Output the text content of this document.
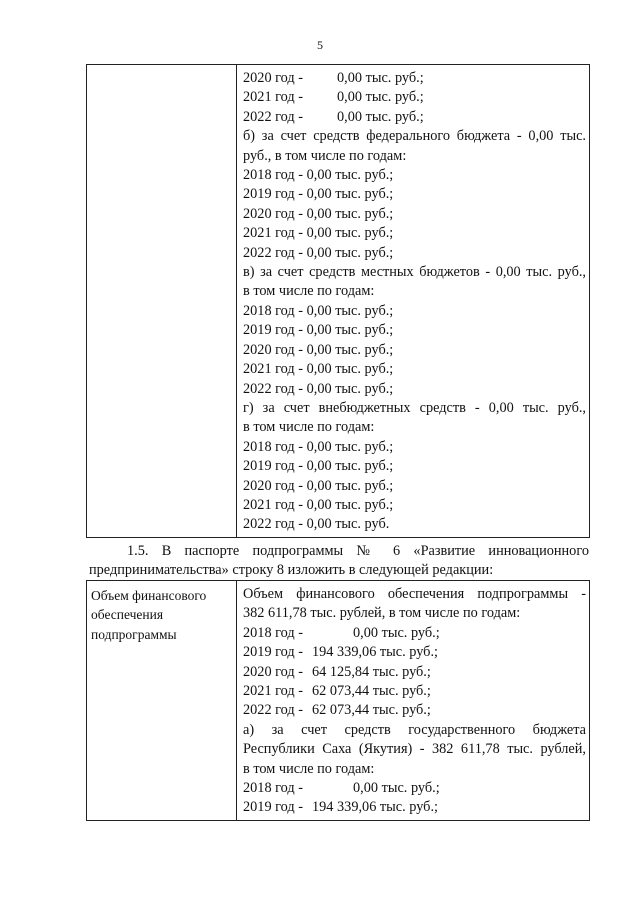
5

2020 год - 0,00 тыс. руб.;
2021 год - 0,00 тыс. руб.;
2022 год - 0,00 тыс. руб.;
б) за счет средств федерального бюджета - 0,00 тыс.
руб., в том числе по годам:
2018 год - 0,00 тыс. руб.;
2019 год - 0,00 тыс. руб.;
2020 год - 0,00 тыс. руб.;
2021 год - 0,00 тыс. руб.;
2022 год - 0,00 тыс. руб.;
в) за счет средств местных бюджетов - 0,00 тыс. руб.,
в том числе по годам:
2018 год - 0,00 тыс. руб.;
2019 год - 0,00 тыс. руб.;
2020 год - 0,00 тыс. руб.;
2021 год - 0,00 тыс. руб.;
2022 год - 0,00 тыс. руб.;
г) за счет внебюджетных средств - 0,00 тыс. руб.,
в том числе по годам:
2018 год - 0,00 тыс. руб.;
2019 год - 0,00 тыс. руб.;
2020 год - 0,00 тыс. руб.;
2021 год - 0,00 тыс. руб.;
2022 год - 0,00 тыс. руб.
1.5. В паспорте подпрограммы № 6 «Развитие инновационного
предпринимательства» строку 8 изложить в следующей редакции:
Объем финансового обеспечения подпрограммы	
Объем финансового обеспечения подпрограммы -
382 611,78 тыс. рублей, в том числе по годам:
2018 год -	0,00 тыс. руб.;
2019 год - 194 339,06 тыс. руб.;
2020 год - 64 125,84 тыс. руб.;
2021 год - 62 073,44 тыс. руб.;
2022 год - 62 073,44 тыс. руб.;
а) за счет средств государственного бюджета
Республики Саха (Якутия) - 382 611,78 тыс. рублей,
в том числе по годам:
2018 год -	0,00 тыс. руб.;
2019 год - 194 339,06 тыс. руб.;
